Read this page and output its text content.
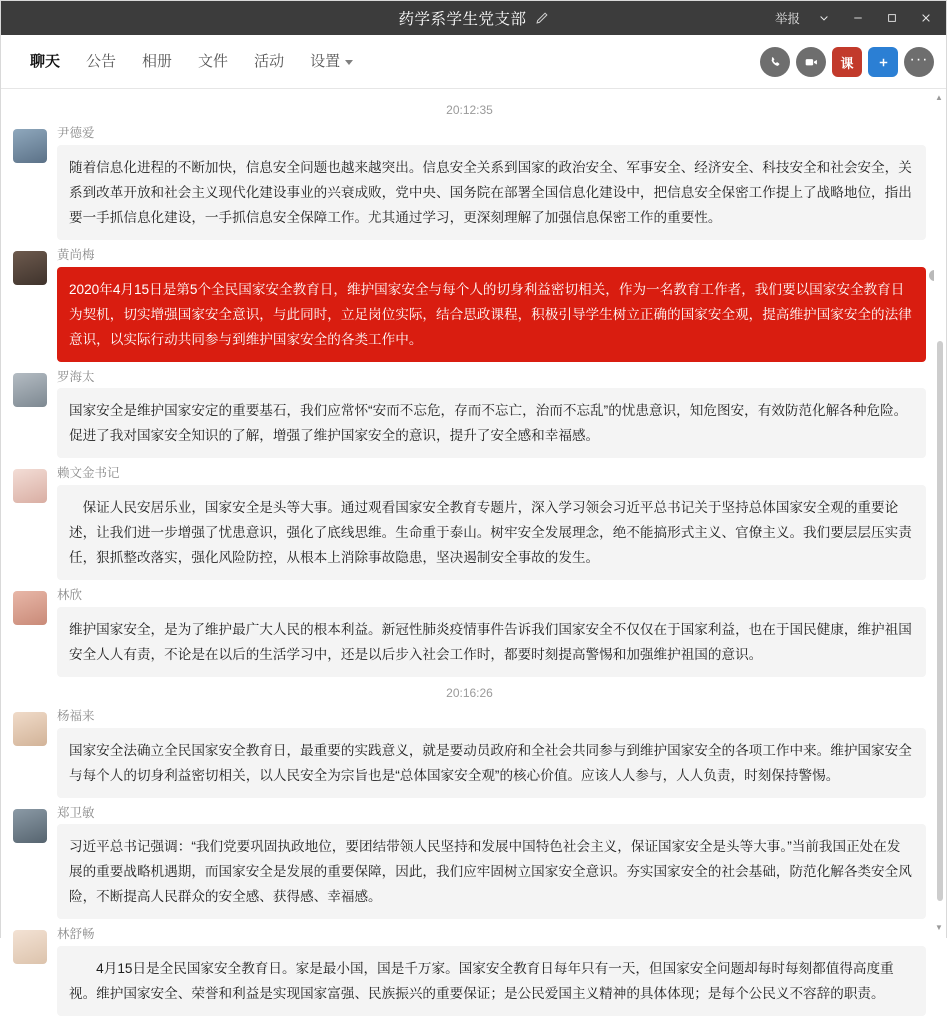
药学系学生党支部	举报
聊天	公告	相册	文件	活动	设置	课	···
20:12:35
尹德爱
随着信息化进程的不断加快，信息安全问题也越来越突出。信息安全关系到国家的政治安全、军事安全、经济安全、科技安全和社会安全，关系到改革开放和社会主义现代化建设事业的兴衰成败，党中央、国务院在部署全国信息化建设中，把信息安全保密工作提上了战略地位，指出要一手抓信息化建设，一手抓信息安全保障工作。尤其通过学习，更深刻理解了加强信息保密工作的重要性。
黄尚梅
2020年4月15日是第5个全民国家安全教育日，维护国家安全与每个人的切身利益密切相关，作为一名教育工作者，我们要以国家安全教育日为契机，切实增强国家安全意识，与此同时，立足岗位实际，结合思政课程，积极引导学生树立正确的国家安全观，提高维护国家安全的法律意识，以实际行动共同参与到维护国家安全的各类工作中。
罗海太
国家安全是维护国家安定的重要基石，我们应常怀“安而不忘危，存而不忘亡，治而不忘乱”的忧患意识，知危图安，有效防范化解各种危险。促进了我对国家安全知识的了解，增强了维护国家安全的意识，提升了安全感和幸福感。
赖文金书记
　保证人民安居乐业，国家安全是头等大事。通过观看国家安全教育专题片，深入学习领会习近平总书记关于坚持总体国家安全观的重要论述，让我们进一步增强了忧患意识，强化了底线思维。生命重于泰山。树牢安全发展理念，绝不能搞形式主义、官僚主义。我们要层层压实责任，狠抓整改落实，强化风险防控，从根本上消除事故隐患，坚决遏制安全事故的发生。
林欣
维护国家安全，是为了维护最广大人民的根本利益。新冠性肺炎疫情事件告诉我们国家安全不仅仅在于国家利益，也在于国民健康，维护祖国安全人人有责，不论是在以后的生活学习中，还是以后步入社会工作时，都要时刻提高警惕和加强维护祖国的意识。
20:16:26
杨福来
国家安全法确立全民国家安全教育日，最重要的实践意义，就是要动员政府和全社会共同参与到维护国家安全的各项工作中来。维护国家安全与每个人的切身利益密切相关，以人民安全为宗旨也是“总体国家安全观”的核心价值。应该人人参与，人人负责，时刻保持警惕。
郑卫敏
习近平总书记强调：“我们党要巩固执政地位，要团结带领人民坚持和发展中国特色社会主义，保证国家安全是头等大事。”当前我国正处在发展的重要战略机遇期，而国家安全是发展的重要保障，因此，我们应牢固树立国家安全意识。夯实国家安全的社会基础，防范化解各类安全风险，不断提高人民群众的安全感、获得感、幸福感。
林舒畅
　　4月15日是全民国家安全教育日。家是最小国，国是千万家。国家安全教育日每年只有一天，但国家安全问题却每时每刻都值得高度重视。维护国家安全、荣誉和利益是实现国家富强、民族振兴的重要保证；是公民爱国主义精神的具体体现；是每个公民义不容辞的职责。
▲
▼
